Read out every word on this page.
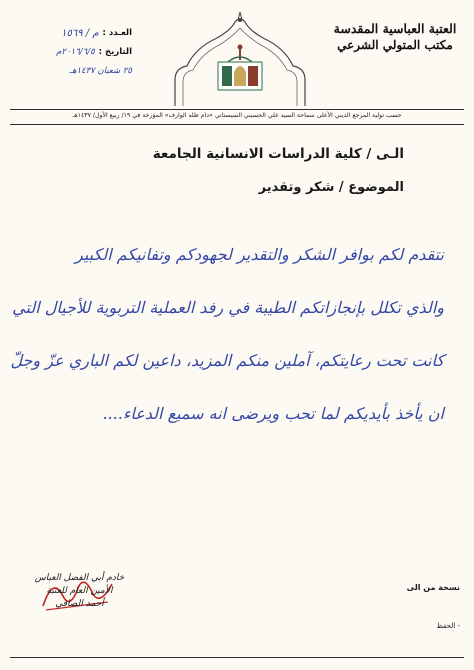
العتبة العباسية المقدسة
مكتب المتولي الشرعي
العـدد :
م / ١٥٦٩
التاريخ :
٢٠١٦/٦/٥م
٢٥ شعبان ١٤٣٧هـ
حسب تولية المرجع الديني الأعلى سماحة السيد علي الحسيني السيستاني «دام ظله الوارف» المؤرخة في ١٩/ ربيع الأول/ ١٤٣٧هـ
الـى / كلية الدراسات الانسانية الجامعة
الموضوع / شكر وتقدير
نتقدم لكم بوافر الشكر والتقدير لجهودكم وتفانيكم الكبير
والذي تكلل بإنجازاتكم الطيبة في رفد العملية التربوية للأجيال التي
كانت تحت رعايتكم، آملين منكم المزيد، داعين لكم الباري عزّ وجلّ
ان يأخذ بأيديكم لما تحب ويرضى انه سميع الدعاء....
خادم أبي الفضل العباس
الأمين العام للعتبة
أحمد الصافي
نسخة من الى
- الحفظ
